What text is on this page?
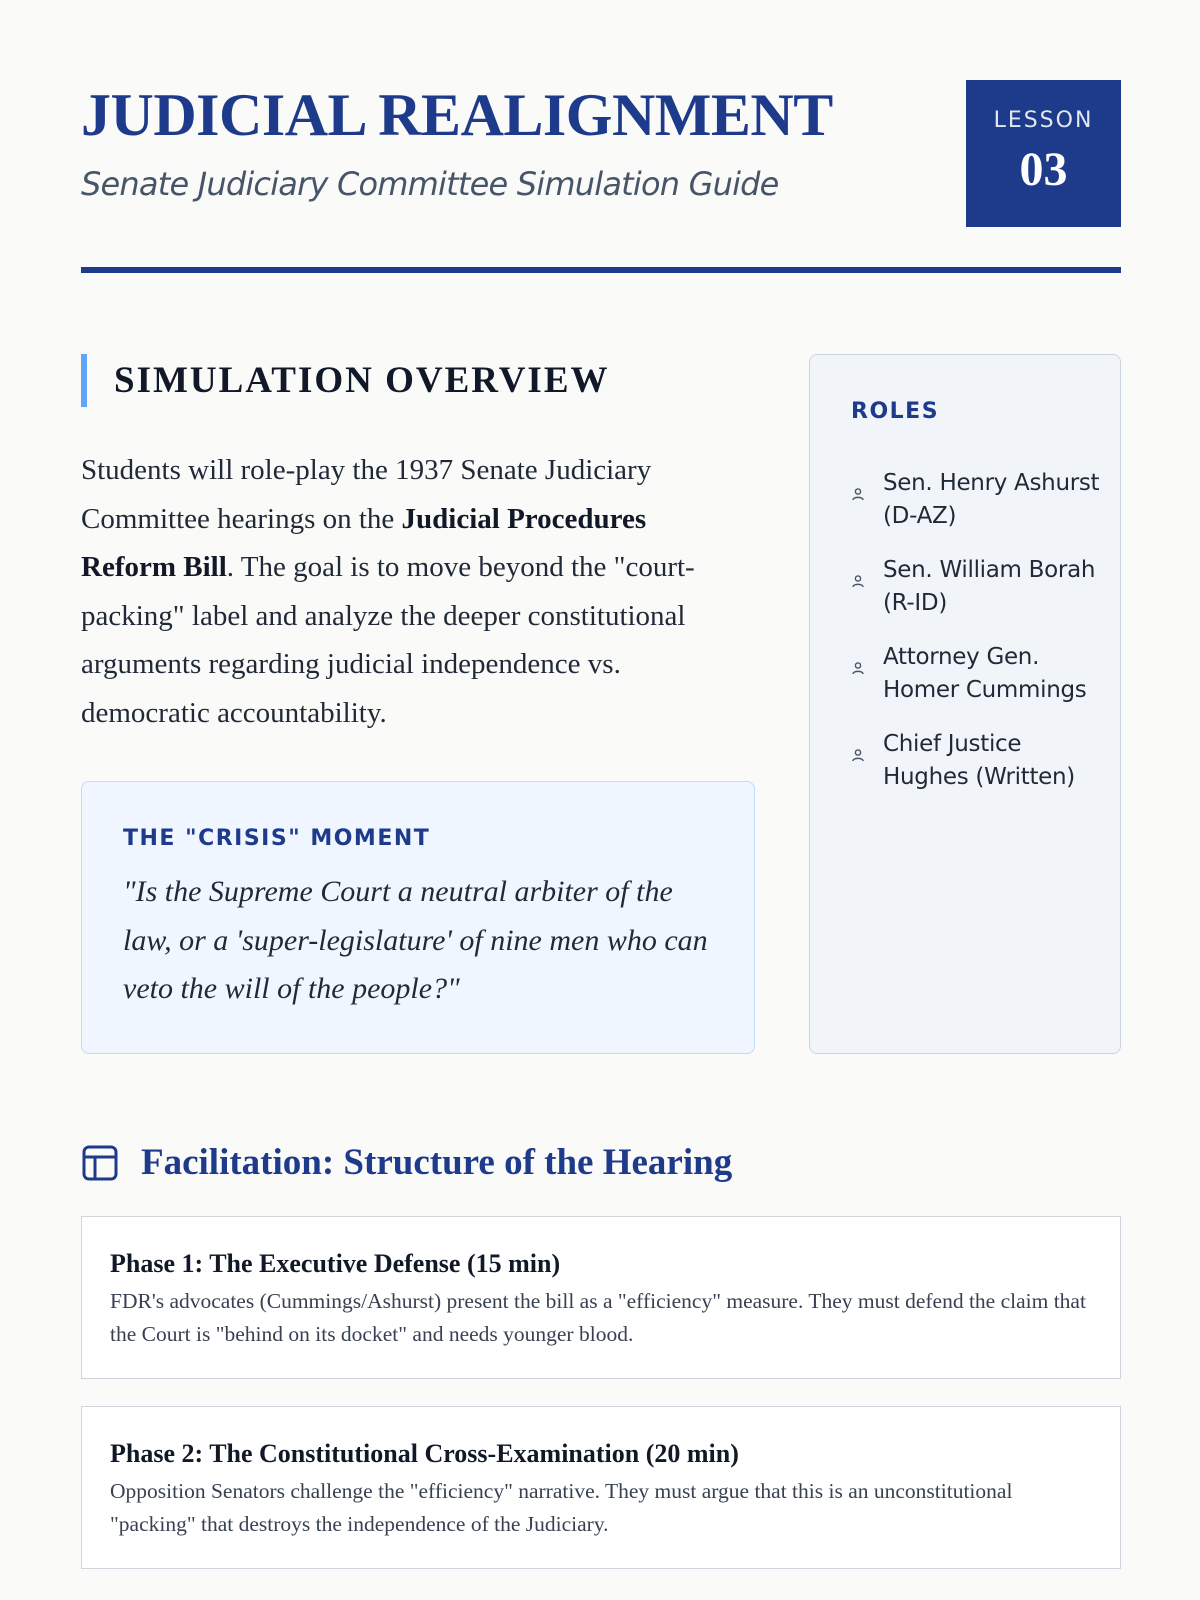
JUDICIAL REALIGNMENT
Senate Judiciary Committee Simulation Guide
LESSON
03
SIMULATION OVERVIEW
Students will role-play the 1937 Senate Judiciary Committee hearings on the Judicial Procedures Reform Bill. The goal is to move beyond the "court-packing" label and analyze the deeper constitutional arguments regarding judicial independence vs. democratic accountability.
THE "CRISIS" MOMENT
"Is the Supreme Court a neutral arbiter of the law, or a 'super-legislature' of nine men who can veto the will of the people?"
ROLES
Sen. Henry Ashurst (D-AZ)
Sen. William Borah (R-ID)
Attorney Gen. Homer Cummings
Chief Justice Hughes (Written)
Facilitation: Structure of the Hearing
Phase 1: The Executive Defense (15 min)
FDR's advocates (Cummings/Ashurst) present the bill as a "efficiency" measure. They must defend the claim that the Court is "behind on its docket" and needs younger blood.
Phase 2: The Constitutional Cross-Examination (20 min)
Opposition Senators challenge the "efficiency" narrative. They must argue that this is an unconstitutional "packing" that destroys the independence of the Judiciary.
